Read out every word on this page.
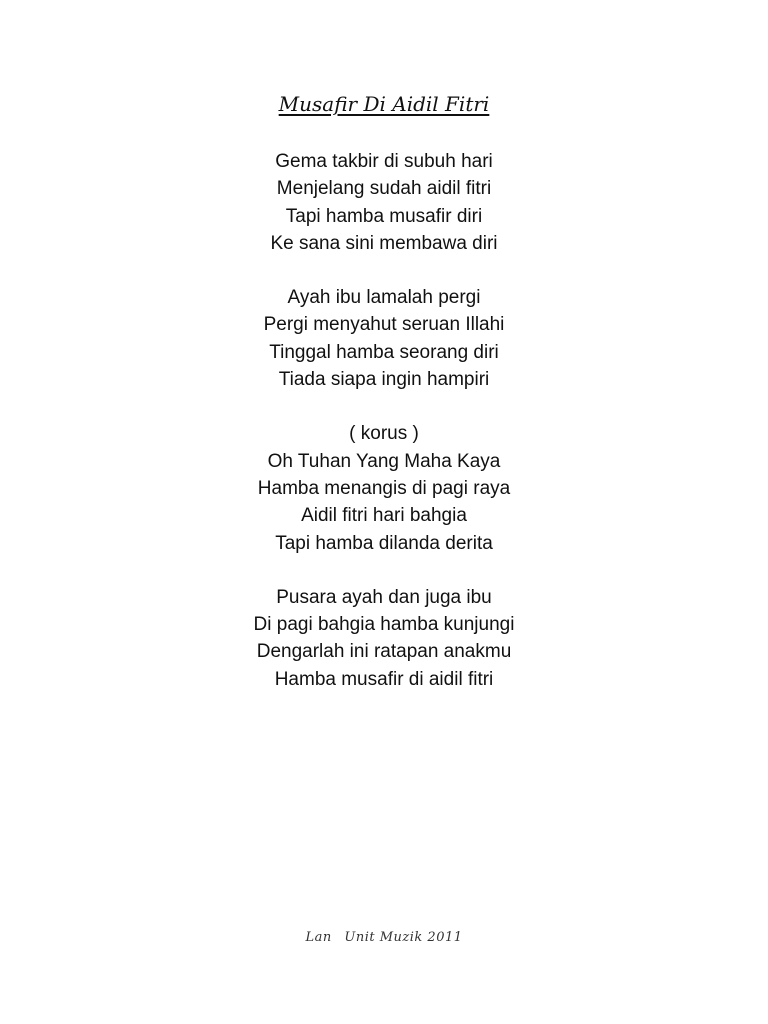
Musafir Di Aidil Fitri
Gema takbir di subuh hari
Menjelang sudah aidil fitri
Tapi hamba musafir diri
Ke sana sini membawa diri
Ayah ibu lamalah pergi
Pergi menyahut seruan Illahi
Tinggal hamba seorang diri
Tiada siapa ingin hampiri
( korus )
Oh Tuhan Yang Maha Kaya
Hamba menangis di pagi raya
Aidil fitri hari bahgia
Tapi hamba dilanda derita
Pusara ayah dan juga ibu
Di pagi bahgia hamba kunjungi
Dengarlah ini ratapan anakmu
Hamba musafir di aidil fitri
Lan Unit Muzik 2011
